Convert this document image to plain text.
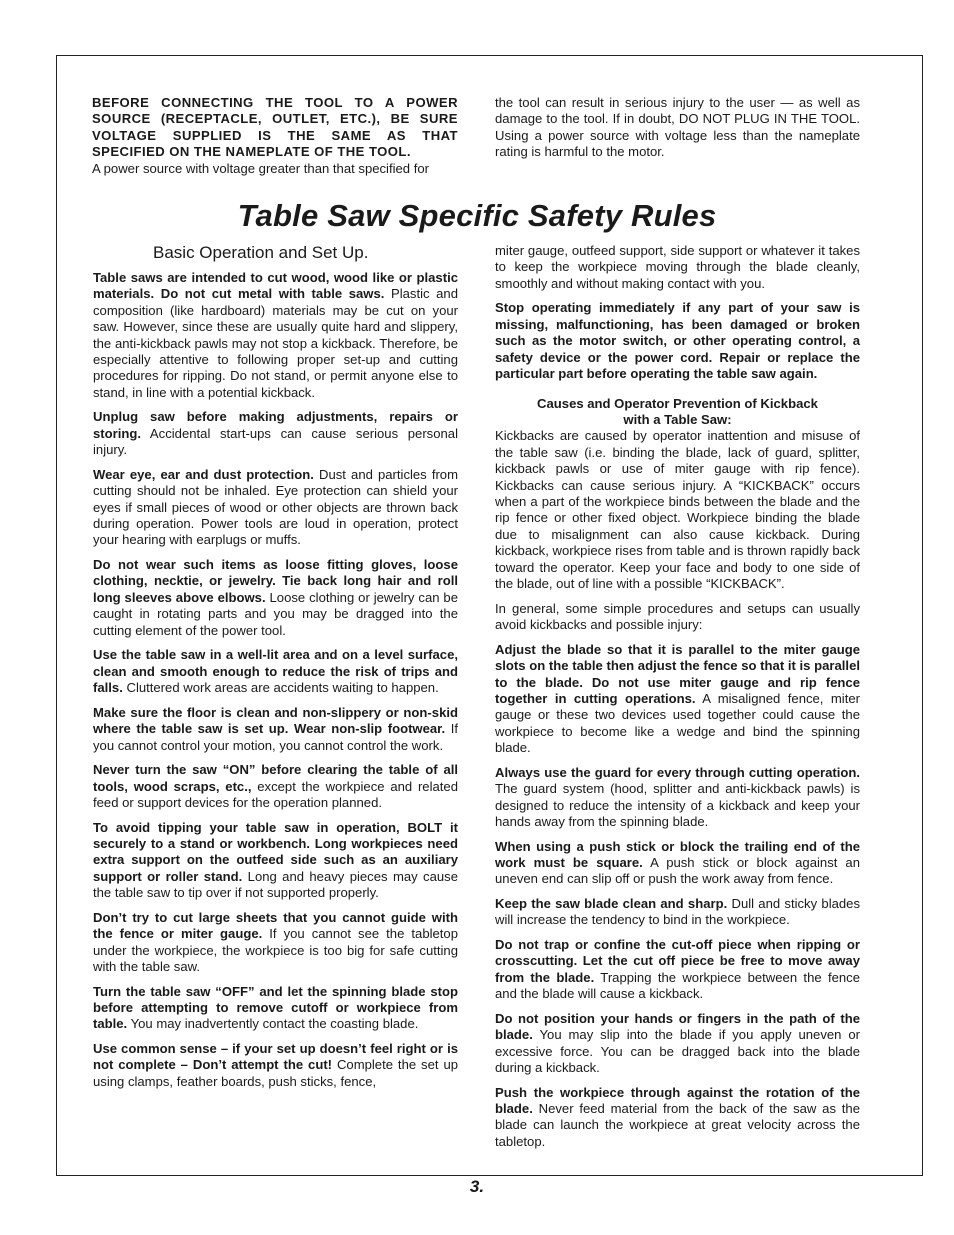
BEFORE CONNECTING THE TOOL TO A POWER SOURCE (RECEPTACLE, OUTLET, ETC.), BE SURE VOLTAGE SUPPLIED IS THE SAME AS THAT SPECIFIED ON THE NAMEPLATE OF THE TOOL.
A power source with voltage greater than that specified for
the tool can result in serious injury to the user — as well as damage to the tool. If in doubt, DO NOT PLUG IN THE TOOL. Using a power source with voltage less than the nameplate rating is harmful to the motor.
Table Saw Specific Safety Rules
Basic Operation and Set Up.

Table saws are intended to cut wood, wood like or plastic materials. Do not cut metal with table saws. Plastic and composition (like hardboard) materials may be cut on your saw. However, since these are usually quite hard and slippery, the anti-kickback pawls may not stop a kickback. Therefore, be especially attentive to following proper set-up and cutting procedures for ripping. Do not stand, or permit anyone else to stand, in line with a potential kickback.

Unplug saw before making adjustments, repairs or storing. Accidental start-ups can cause serious personal injury.

Wear eye, ear and dust protection. Dust and particles from cutting should not be inhaled. Eye protection can shield your eyes if small pieces of wood or other objects are thrown back during operation. Power tools are loud in operation, protect your hearing with earplugs or muffs.

Do not wear such items as loose fitting gloves, loose clothing, necktie, or jewelry. Tie back long hair and roll long sleeves above elbows. Loose clothing or jewelry can be caught in rotating parts and you may be dragged into the cutting element of the power tool.

Use the table saw in a well-lit area and on a level surface, clean and smooth enough to reduce the risk of trips and falls. Cluttered work areas are accidents waiting to happen.

Make sure the floor is clean and non-slippery or non-skid where the table saw is set up. Wear non-slip footwear. If you cannot control your motion, you cannot control the work.

Never turn the saw “ON” before clearing the table of all tools, wood scraps, etc., except the workpiece and related feed or support devices for the operation planned.

To avoid tipping your table saw in operation, BOLT it securely to a stand or workbench. Long workpieces need extra support on the outfeed side such as an auxiliary support or roller stand. Long and heavy pieces may cause the table saw to tip over if not supported properly.

Don’t try to cut large sheets that you cannot guide with the fence or miter gauge. If you cannot see the tabletop under the workpiece, the workpiece is too big for safe cutting with the table saw.

Turn the table saw “OFF” and let the spinning blade stop before attempting to remove cutoff or workpiece from table. You may inadvertently contact the coasting blade.

Use common sense – if your set up doesn’t feel right or is not complete – Don’t attempt the cut! Complete the set up using clamps, feather boards, push sticks, fence,

miter gauge, outfeed support, side support or whatever it takes to keep the workpiece moving through the blade cleanly, smoothly and without making contact with you.

Stop operating immediately if any part of your saw is missing, malfunctioning, has been damaged or broken such as the motor switch, or other operating control, a safety device or the power cord. Repair or replace the particular part before operating the table saw again.

Causes and Operator Prevention of Kickback
with a Table Saw:

Kickbacks are caused by operator inattention and misuse of the table saw (i.e. binding the blade, lack of guard, splitter, kickback pawls or use of miter gauge with rip fence). Kickbacks can cause serious injury. A “KICKBACK” occurs when a part of the workpiece binds between the blade and the rip fence or other fixed object. Workpiece binding the blade due to misalignment can also cause kickback. During kickback, workpiece rises from table and is thrown rapidly back toward the operator. Keep your face and body to one side of the blade, out of line with a possible “KICKBACK”.

In general, some simple procedures and setups can usually avoid kickbacks and possible injury:

Adjust the blade so that it is parallel to the miter gauge slots on the table then adjust the fence so that it is parallel to the blade. Do not use miter gauge and rip fence together in cutting operations. A misaligned fence, miter gauge or these two devices used together could cause the workpiece to become like a wedge and bind the spinning blade.

Always use the guard for every through cutting operation. The guard system (hood, splitter and anti-kickback pawls) is designed to reduce the intensity of a kickback and keep your hands away from the spinning blade.

When using a push stick or block the trailing end of the work must be square. A push stick or block against an uneven end can slip off or push the work away from fence.

Keep the saw blade clean and sharp. Dull and sticky blades will increase the tendency to bind in the workpiece.

Do not trap or confine the cut-off piece when ripping or crosscutting. Let the cut off piece be free to move away from the blade. Trapping the workpiece between the fence and the blade will cause a kickback.

Do not position your hands or fingers in the path of the blade. You may slip into the blade if you apply uneven or excessive force. You can be dragged back into the blade during a kickback.

Push the workpiece through against the rotation of the blade. Never feed material from the back of the saw as the blade can launch the workpiece at great velocity across the tabletop.

3.
